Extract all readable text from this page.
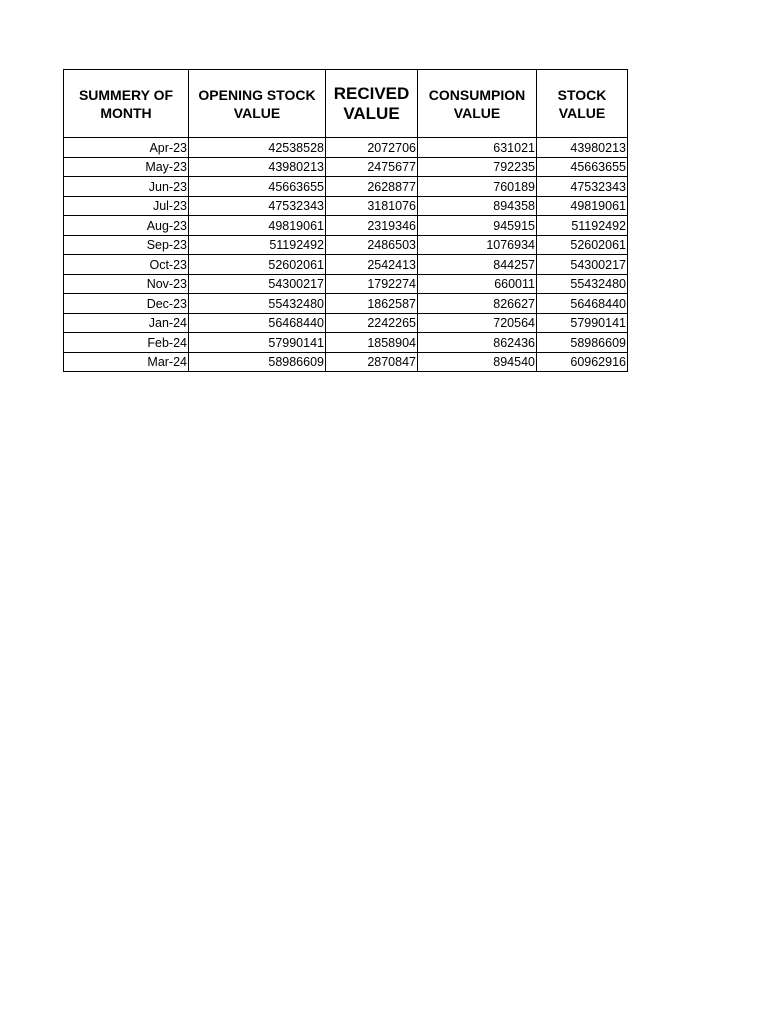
SUMMERY OF MONTH	OPENING STOCK VALUE	RECIVED VALUE	CONSUMPION VALUE	STOCK VALUE
Apr-23	42538528	2072706	631021	43980213
May-23	43980213	2475677	792235	45663655
Jun-23	45663655	2628877	760189	47532343
Jul-23	47532343	3181076	894358	49819061
Aug-23	49819061	2319346	945915	51192492
Sep-23	51192492	2486503	1076934	52602061
Oct-23	52602061	2542413	844257	54300217
Nov-23	54300217	1792274	660011	55432480
Dec-23	55432480	1862587	826627	56468440
Jan-24	56468440	2242265	720564	57990141
Feb-24	57990141	1858904	862436	58986609
Mar-24	58986609	2870847	894540	60962916
